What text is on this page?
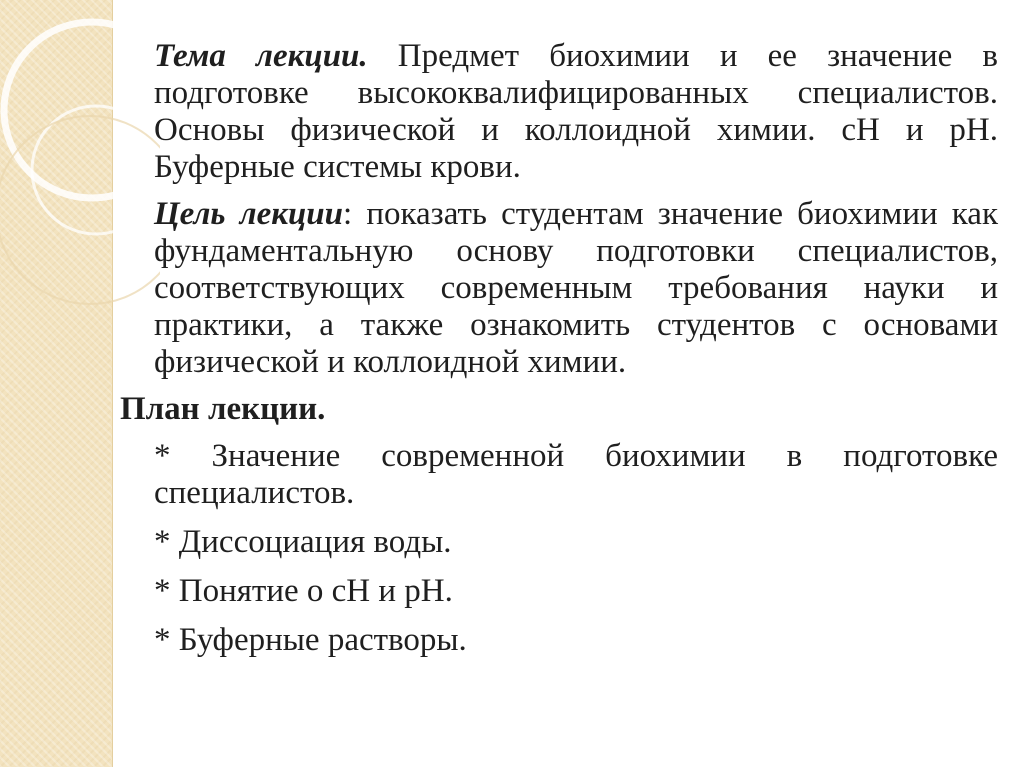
Тема лекции. Предмет биохимии и ее значение в подготовке высококвалифицированных специалистов. Основы физической и коллоидной химии. cН и pН. Буферные системы крови.

Цель лекции: показать студентам значение биохимии как фундаментальную основу подготовки специалистов, соответствующих современным требования науки и практики, а также ознакомить студентов с основами физической и коллоидной химии.

План лекции.
* Значение современной биохимии в подготовке специалистов.
* Диссоциация воды.
* Понятие о cН и pН.
* Буферные растворы.
